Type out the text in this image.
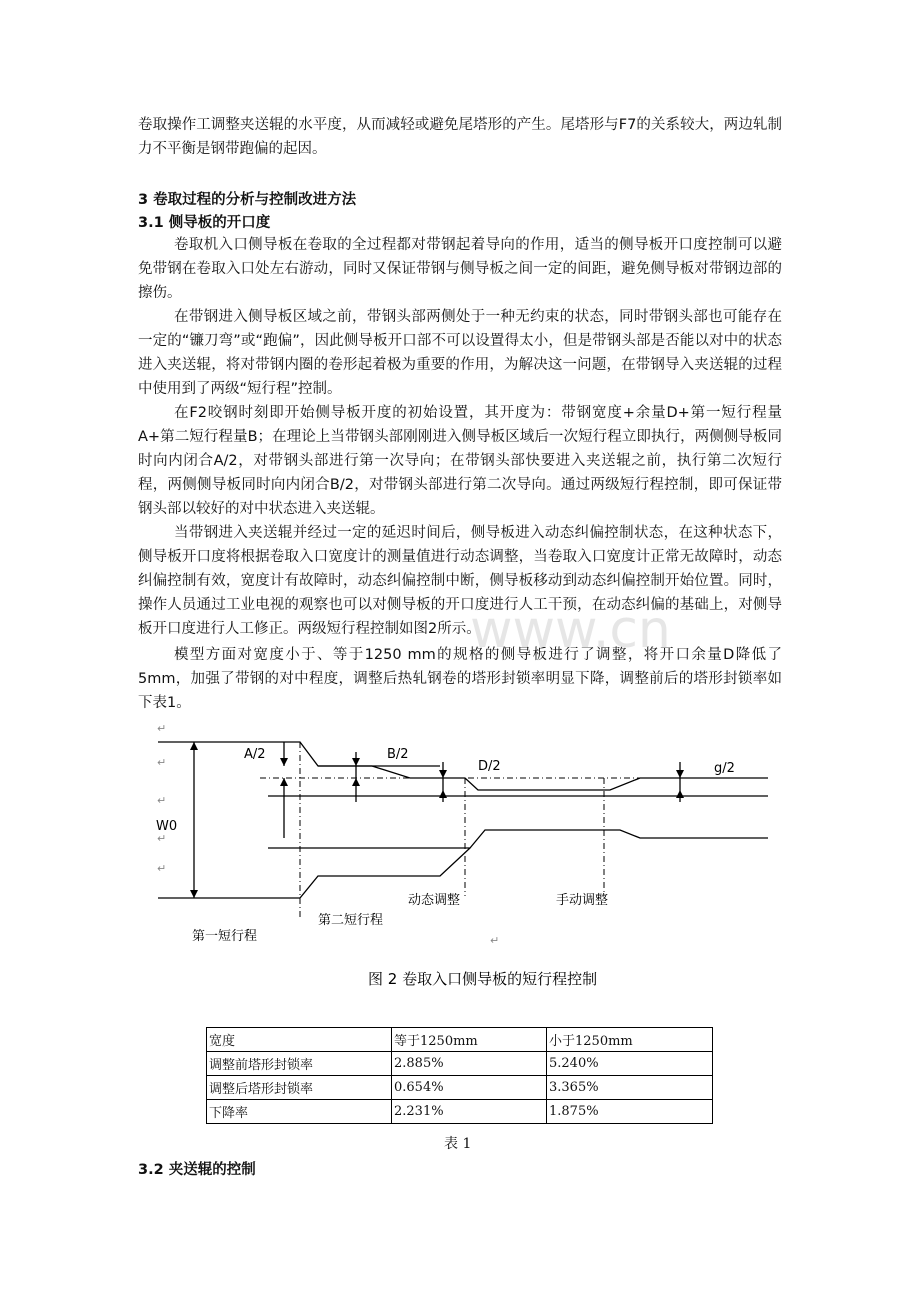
卷取操作工调整夹送辊的水平度，从而减轻或避免尾塔形的产生。尾塔形与F7的关系较大，两边轧制力不平衡是钢带跑偏的起因。

3 卷取过程的分析与控制改进方法

3.1 侧导板的开口度

卷取机入口侧导板在卷取的全过程都对带钢起着导向的作用，适当的侧导板开口度控制可以避免带钢在卷取入口处左右游动，同时又保证带钢与侧导板之间一定的间距，避免侧导板对带钢边部的擦伤。

在带钢进入侧导板区域之前，带钢头部两侧处于一种无约束的状态，同时带钢头部也可能存在一定的“镰刀弯”或“跑偏”，因此侧导板开口部不可以设置得太小，但是带钢头部是否能以对中的状态进入夹送辊，将对带钢内圈的卷形起着极为重要的作用，为解决这一问题，在带钢导入夹送辊的过程中使用到了两级“短行程”控制。

在F2咬钢时刻即开始侧导板开度的初始设置，其开度为：带钢宽度+余量D+第一短行程量A+第二短行程量B；在理论上当带钢头部刚刚进入侧导板区域后一次短行程立即执行，两侧侧导板同时向内闭合A/2，对带钢头部进行第一次导向；在带钢头部快要进入夹送辊之前，执行第二次短行程，两侧侧导板同时向内闭合B/2，对带钢头部进行第二次导向。通过两级短行程控制，即可保证带钢头部以较好的对中状态进入夹送辊。

当带钢进入夹送辊并经过一定的延迟时间后，侧导板进入动态纠偏控制状态，在这种状态下，侧导板开口度将根据卷取入口宽度计的测量值进行动态调整，当卷取入口宽度计正常无故障时，动态纠偏控制有效，宽度计有故障时，动态纠偏控制中断，侧导板移动到动态纠偏控制开始位置。同时，操作人员通过工业电视的观察也可以对侧导板的开口度进行人工干预，在动态纠偏的基础上，对侧导板开口度进行人工修正。两级短行程控制如图2所示。

模型方面对宽度小于、等于1250 mm的规格的侧导板进行了调整，将开口余量D降低了5mm，加强了带钢的对中程度，调整后热轧钢卷的塔形封锁率明显下降，调整前后的塔形封锁率如下表1。

www.cn
A/2	B/2
D/2	g/2
W0
第二短行程
第一短行程
动态调整	手动调整
图 2 卷取入口侧导板的短行程控制
↵
↵
↵
↵
↵
↵
宽度	等于1250mm	小于1250mm
调整前塔形封锁率	2.885%	5.240%
调整后塔形封锁率	0.654%	3.365%
下降率	2.231%	1.875%
表 1

3.2 夹送辊的控制
